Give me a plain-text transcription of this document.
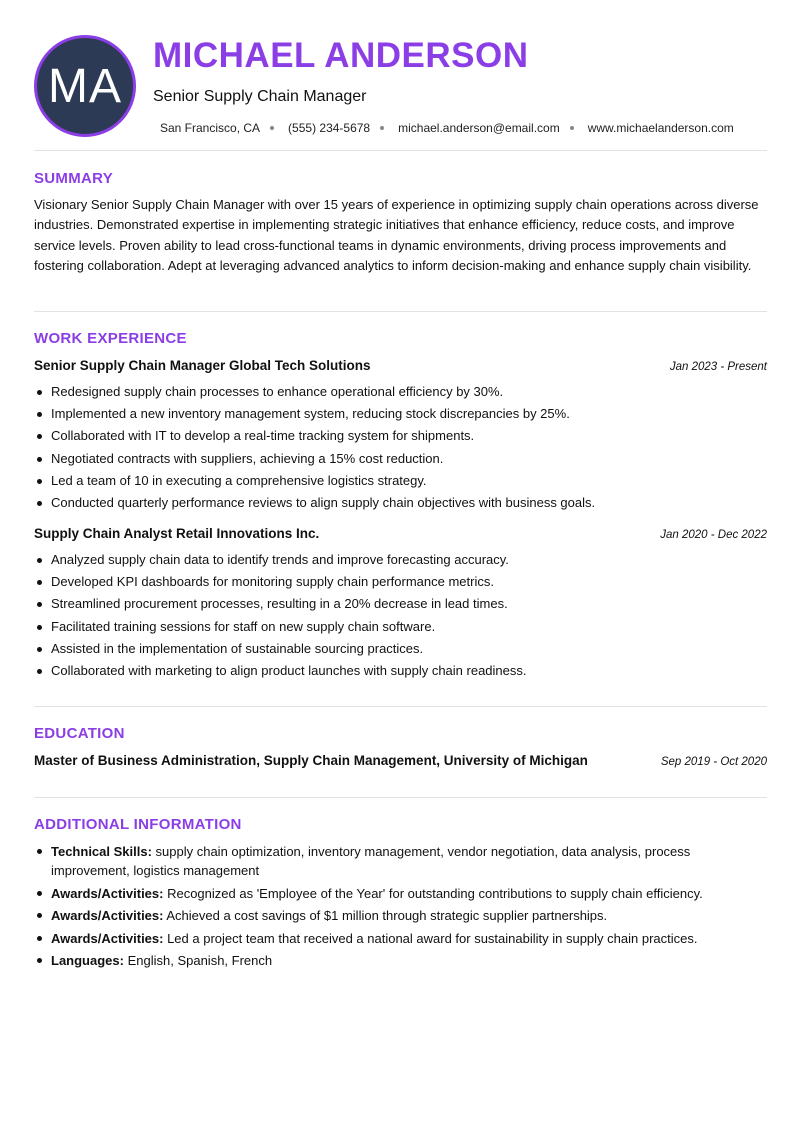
MA
MICHAEL ANDERSON
Senior Supply Chain Manager
San Francisco, CA (555) 234-5678 michael.anderson@email.com www.michaelanderson.com
SUMMARY

Visionary Senior Supply Chain Manager with over 15 years of experience in optimizing supply chain operations across diverse industries. Demonstrated expertise in implementing strategic initiatives that enhance efficiency, reduce costs, and improve service levels. Proven ability to lead cross-functional teams in dynamic environments, driving process improvements and fostering collaboration. Adept at leveraging advanced analytics to inform decision-making and enhance supply chain visibility.

WORK EXPERIENCE
Senior Supply Chain Manager Global Tech Solutions	Jan 2023 - Present
Redesigned supply chain processes to enhance operational efficiency by 30%.
Implemented a new inventory management system, reducing stock discrepancies by 25%.
Collaborated with IT to develop a real-time tracking system for shipments.
Negotiated contracts with suppliers, achieving a 15% cost reduction.
Led a team of 10 in executing a comprehensive logistics strategy.
Conducted quarterly performance reviews to align supply chain objectives with business goals.
Supply Chain Analyst Retail Innovations Inc.	Jan 2020 - Dec 2022
Analyzed supply chain data to identify trends and improve forecasting accuracy.
Developed KPI dashboards for monitoring supply chain performance metrics.
Streamlined procurement processes, resulting in a 20% decrease in lead times.
Facilitated training sessions for staff on new supply chain software.
Assisted in the implementation of sustainable sourcing practices.
Collaborated with marketing to align product launches with supply chain readiness.
EDUCATION
Master of Business Administration, Supply Chain Management, University of Michigan	Sep 2019 - Oct 2020
ADDITIONAL INFORMATION
Technical Skills: supply chain optimization, inventory management, vendor negotiation, data analysis, process improvement, logistics management
Awards/Activities: Recognized as 'Employee of the Year' for outstanding contributions to supply chain efficiency.
Awards/Activities: Achieved a cost savings of $1 million through strategic supplier partnerships.
Awards/Activities: Led a project team that received a national award for sustainability in supply chain practices.
Languages: English, Spanish, French
